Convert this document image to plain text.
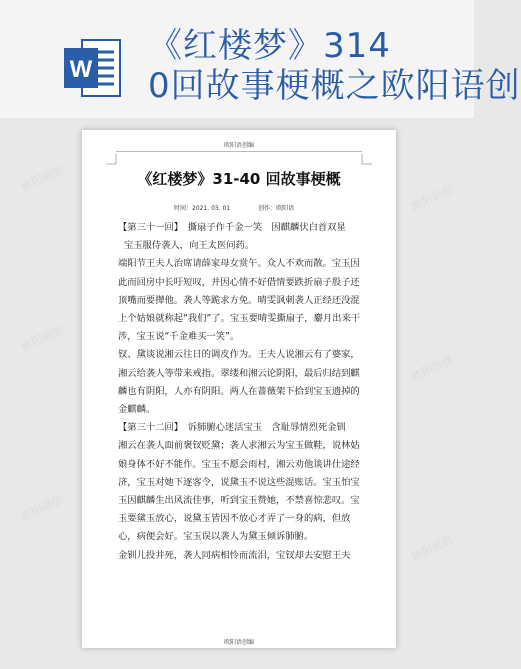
W
《红楼梦》314
0回故事梗概之欧阳语创
欧阳语创
欧阳语创
欧阳语创
欧阳语创
欧阳语创
欧阳语创
欧阳语创编
《红楼梦》31-40 回故事梗概
时间：2021. 03. 01	创作：欧阳语

【第三十一回】　撕扇子作千金一笑　因麒麟伏白首双星

宝玉服侍袭人，向王太医问药。

端阳节王夫人治席请薛家母女赏午。众人不欢而散。宝玉因此而回房中长吁短叹，并因心情不好借情要跌折扇子股子还顶嘴而要撵他。袭人等跪求方免。晴雯讽刺袭人正经还没混上个姑娘就称起“我们”了。宝玉要晴雯撕扇子，麝月出来干涉，宝玉说“千金难买一笑”。

钗、黛谈说湘云往日的调皮作为。王夫人说湘云有了婆家，湘云给袭人等带来戒指。翠缕和湘云论阴阳，最后归结到麒麟也有阴阳，人亦有阴阳。两人在蔷薇架下拾到宝玉遗掉的金麒麟。

【第三十二回】　诉肺腑心迷活宝玉　含耻辱情烈死金钏

湘云在袭人面前褒钗贬黛；袭人求湘云为宝玉做鞋，说林姑娘身体不好不能作。宝玉不愿会雨村，湘云劝他谈讲仕途经济，宝玉对她下逐客令，说黛玉不说这些混账话。宝玉怕宝玉因麒麟生出风流佳事，听到宝玉赞她，不禁喜惊悲叹。宝玉要黛玉放心，说黛玉皆因不放心才弄了一身的病，但放心，病便会好。宝玉误以袭人为黛玉倾诉肺腑。

金钏儿投井死，袭人同病相怜而流泪，宝钗却去安慰王夫

欧阳语创编
